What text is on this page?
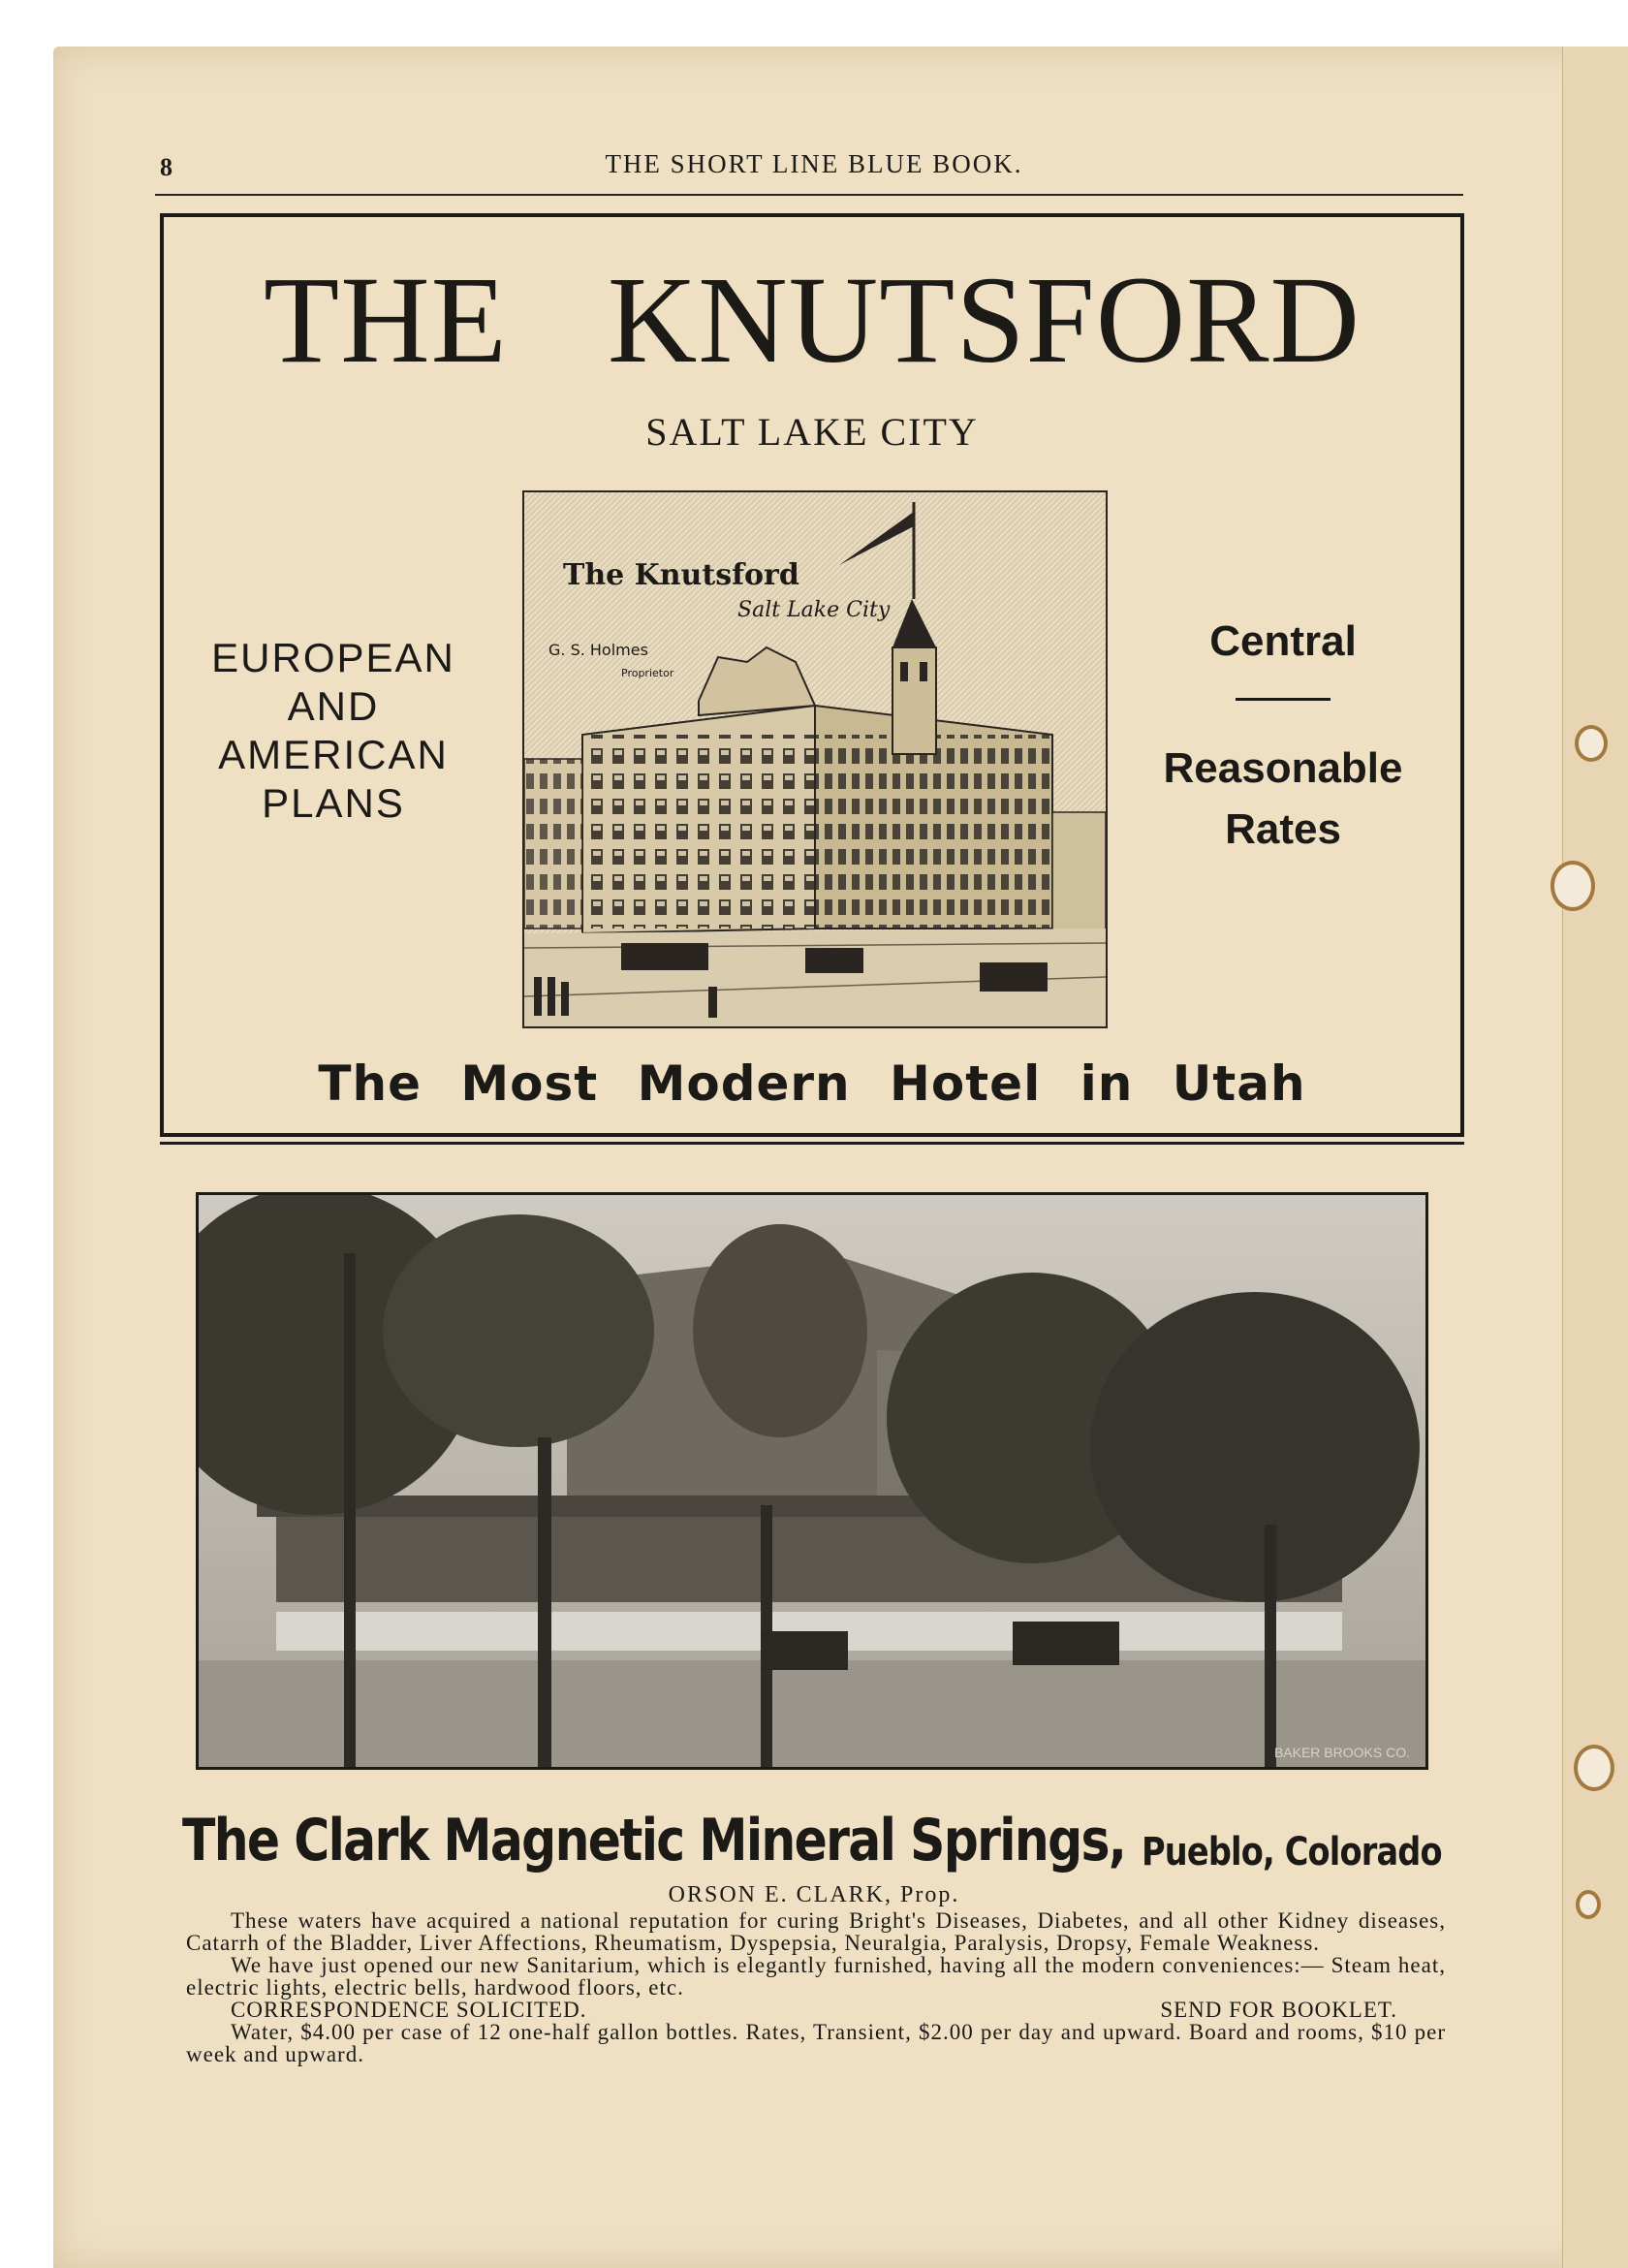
8	THE SHORT LINE BLUE BOOK.
THE KNUTSFORD
SALT LAKE CITY
EUROPEAN
AND
AMERICAN
PLANS
The Knutsford
Salt Lake City
G. S. Holmes
Proprietor
Central
Reasonable
Rates
The Most Modern Hotel in Utah
BAKER BROOKS CO.
The Clark Magnetic Mineral Springs, Pueblo, Colorado
ORSON E. CLARK, Prop.

These waters have acquired a national reputation for curing Bright's Diseases, Diabetes, and all other Kidney diseases, Catarrh of the Bladder, Liver Affections, Rheumatism, Dyspepsia, Neuralgia, Paralysis, Dropsy, Female Weakness.

We have just opened our new Sanitarium, which is elegantly furnished, having all the modern conveniences:— Steam heat, electric lights, electric bells, hardwood floors, etc.

CORRESPONDENCE SOLICITED.	SEND FOR BOOKLET.

Water, $4.00 per case of 12 one-half gallon bottles. Rates, Transient, $2.00 per day and upward. Board and rooms, $10 per week and upward.
